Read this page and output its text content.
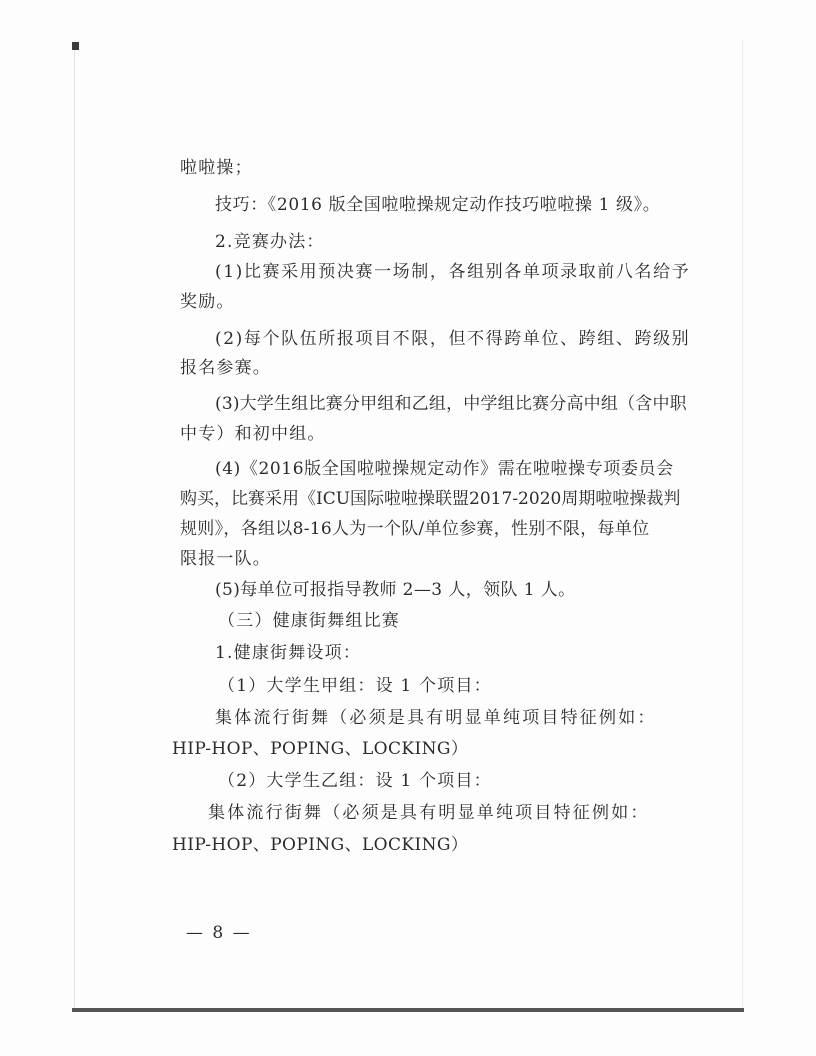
啦啦操；
技巧：《2016 版全国啦啦操规定动作技巧啦啦操 1 级》。
2.竞赛办法：
(1)比赛采用预决赛一场制，各组别各单项录取前八名给予
奖励。
(2)每个队伍所报项目不限，但不得跨单位、跨组、跨级别
报名参赛。
(3)大学生组比赛分甲组和乙组，中学组比赛分高中组（含中职
中专）和初中组。
(4)《2016版全国啦啦操规定动作》需在啦啦操专项委员会
购买，比赛采用《ICU国际啦啦操联盟2017-2020周期啦啦操裁判
规则》，各组以8-16人为一个队/单位参赛，性别不限，每单位
限报一队。
(5)每单位可报指导教师 2—3 人，领队 1 人。
（三）健康街舞组比赛
1.健康街舞设项：
（1）大学生甲组：设 1 个项目：
集体流行街舞（必须是具有明显单纯项目特征例如：
HIP-HOP、POPING、LOCKING）
（2）大学生乙组：设 1 个项目：
集体流行街舞（必须是具有明显单纯项目特征例如：
HIP-HOP、POPING、LOCKING）
— 8 —
